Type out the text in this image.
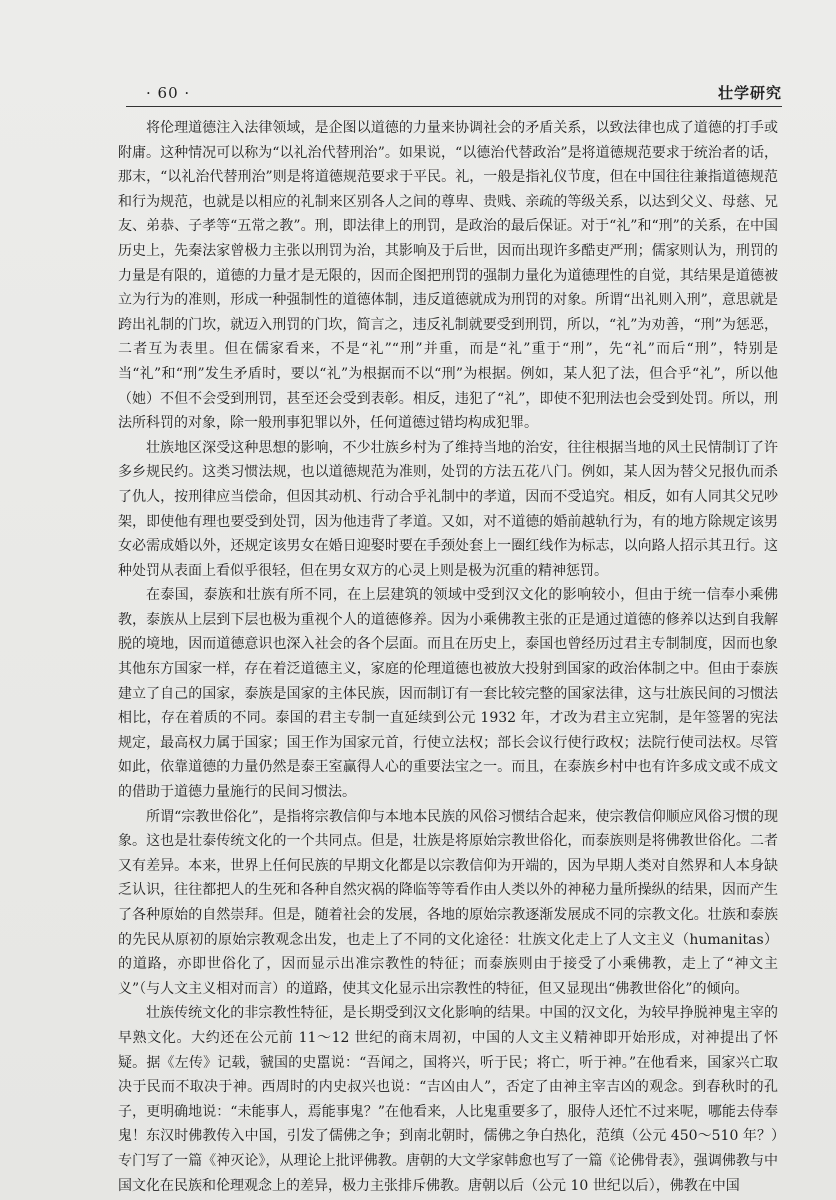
· 60 ·	壮学研究

将伦理道德注入法律领域，是企图以道德的力量来协调社会的矛盾关系，以致法律也成了道德的打手或附庸。这种情况可以称为“以礼治代替刑治”。如果说，“以德治代替政治”是将道德规范要求于统治者的话，那末，“以礼治代替刑治”则是将道德规范要求于平民。礼，一般是指礼仪节度，但在中国往往兼指道德规范和行为规范，也就是以相应的礼制来区别各人之间的尊卑、贵贱、亲疏的等级关系，以达到父义、母慈、兄友、弟恭、子孝等“五常之教”。刑，即法律上的刑罚，是政治的最后保证。对于“礼”和“刑”的关系，在中国历史上，先秦法家曾极力主张以刑罚为治，其影响及于后世，因而出现许多酷吏严刑；儒家则认为，刑罚的力量是有限的，道德的力量才是无限的，因而企图把刑罚的强制力量化为道德理性的自觉，其结果是道德被立为行为的准则，形成一种强制性的道德体制，违反道德就成为刑罚的对象。所谓“出礼则入刑”，意思就是跨出礼制的门坎，就迈入刑罚的门坎，简言之，违反礼制就要受到刑罚，所以，“礼”为劝善，“刑”为惩恶，二者互为表里。但在儒家看来，不是“礼”“刑”并重，而是“礼”重于“刑”，先“礼”而后“刑”，特别是当“礼”和“刑”发生矛盾时，要以“礼”为根据而不以“刑”为根据。例如，某人犯了法，但合乎“礼”，所以他（她）不但不会受到刑罚，甚至还会受到表彰。相反，违犯了“礼”，即使不犯刑法也会受到处罚。所以，刑法所科罚的对象，除一般刑事犯罪以外，任何道德过错均构成犯罪。

壮族地区深受这种思想的影响，不少壮族乡村为了维持当地的治安，往往根据当地的风土民情制订了许多乡规民约。这类习惯法规，也以道德规范为准则，处罚的方法五花八门。例如，某人因为替父兄报仇而杀了仇人，按刑律应当偿命，但因其动机、行动合乎礼制中的孝道，因而不受追究。相反，如有人同其父兄吵架，即使他有理也要受到处罚，因为他违背了孝道。又如，对不道德的婚前越轨行为，有的地方除规定该男女必需成婚以外，还规定该男女在婚日迎娶时要在手颈处套上一圈红线作为标志，以向路人招示其丑行。这种处罚从表面上看似乎很轻，但在男女双方的心灵上则是极为沉重的精神惩罚。

在泰国，泰族和壮族有所不同，在上层建筑的领域中受到汉文化的影响较小，但由于统一信奉小乘佛教，泰族从上层到下层也极为重视个人的道德修养。因为小乘佛教主张的正是通过道德的修养以达到自我解脱的境地，因而道德意识也深入社会的各个层面。而且在历史上，泰国也曾经历过君主专制制度，因而也象其他东方国家一样，存在着泛道德主义，家庭的伦理道德也被放大投射到国家的政治体制之中。但由于泰族建立了自己的国家，泰族是国家的主体民族，因而制订有一套比较完整的国家法律，这与壮族民间的习惯法相比，存在着质的不同。泰国的君主专制一直延续到公元 1932 年，才改为君主立宪制，是年签署的宪法规定，最高权力属于国家；国王作为国家元首，行使立法权；部长会议行使行政权；法院行使司法权。尽管如此，依靠道德的力量仍然是泰王室赢得人心的重要法宝之一。而且，在泰族乡村中也有许多成文或不成文的借助于道德力量施行的民间习惯法。

所谓“宗教世俗化”，是指将宗教信仰与本地本民族的风俗习惯结合起来，使宗教信仰顺应风俗习惯的现象。这也是壮泰传统文化的一个共同点。但是，壮族是将原始宗教世俗化，而泰族则是将佛教世俗化。二者又有差异。本来，世界上任何民族的早期文化都是以宗教信仰为开端的，因为早期人类对自然界和人本身缺乏认识，往往都把人的生死和各种自然灾祸的降临等等看作由人类以外的神秘力量所操纵的结果，因而产生了各种原始的自然崇拜。但是，随着社会的发展，各地的原始宗教逐渐发展成不同的宗教文化。壮族和泰族的先民从原初的原始宗教观念出发，也走上了不同的文化途径：壮族文化走上了人文主义（humanitas）的道路，亦即世俗化了，因而显示出准宗教性的特征；而泰族则由于接受了小乘佛教，走上了“神文主义”（与人文主义相对而言）的道路，使其文化显示出宗教性的特征，但又显现出“佛教世俗化”的倾向。

壮族传统文化的非宗教性特征，是长期受到汉文化影响的结果。中国的汉文化，为较早挣脱神鬼主宰的早熟文化。大约还在公元前 11～12 世纪的商末周初，中国的人文主义精神即开始形成，对神提出了怀疑。据《左传》记载，虢国的史嚚说：“吾闻之，国将兴，听于民；将亡，听于神。”在他看来，国家兴亡取决于民而不取决于神。西周时的内史叔兴也说：“吉凶由人”，否定了由神主宰吉凶的观念。到春秋时的孔子，更明确地说：“未能事人，焉能事鬼？”在他看来，人比鬼重要多了，服侍人还忙不过来呢，哪能去侍奉鬼！东汉时佛教传入中国，引发了儒佛之争；到南北朝时，儒佛之争白热化，范缜（公元 450～510 年？）专门写了一篇《神灭论》，从理论上批评佛教。唐朝的大文学家韩愈也写了一篇《论佛骨表》，强调佛教与中国文化在民族和伦理观念上的差异，极力主张排斥佛教。唐朝以后（公元 10 世纪以后），佛教在中国
